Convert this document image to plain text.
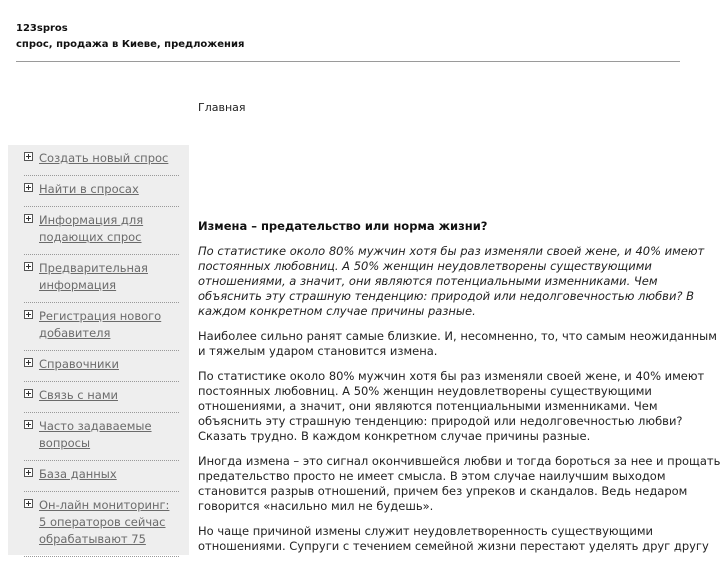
123spros
спрос, продажа в Киеве, предложения
Главная
Создать новый спрос
Найти в спросах
Информация для подающих спрос
Предварительная информация
Регистрация нового добавителя
Справочники
Связь с нами
Часто задаваемые вопросы
База данных
Он-лайн мониторинг: 5 операторов сейчас обрабатывают 75
Измена – предательство или норма жизни?

По статистике около 80% мужчин хотя бы раз изменяли своей жене, и 40% имеют постоянных любовниц. А 50% женщин неудовлетворены существующими отношениями, а значит, они являются потенциальными изменниками. Чем объяснить эту страшную тенденцию: природой или недолговечностью любви? В каждом конкретном случае причины разные.

Наиболее сильно ранят самые близкие. И, несомненно, то, что самым неожиданным и тяжелым ударом становится измена.

По статистике около 80% мужчин хотя бы раз изменяли своей жене, и 40% имеют постоянных любовниц. А 50% женщин неудовлетворены существующими отношениями, а значит, они являются потенциальными изменниками. Чем объяснить эту страшную тенденцию: природой или недолговечностью любви? Сказать трудно. В каждом конкретном случае причины разные.

Иногда измена – это сигнал окончившейся любви и тогда бороться за нее и прощать предательство просто не имеет смысла. В этом случае наилучшим выходом становится разрыв отношений, причем без упреков и скандалов. Ведь недаром говорится «насильно мил не будешь».

Но чаще причиной измены служит неудовлетворенность существующими отношениями. Супруги с течением семейной жизни перестают уделять друг другу
